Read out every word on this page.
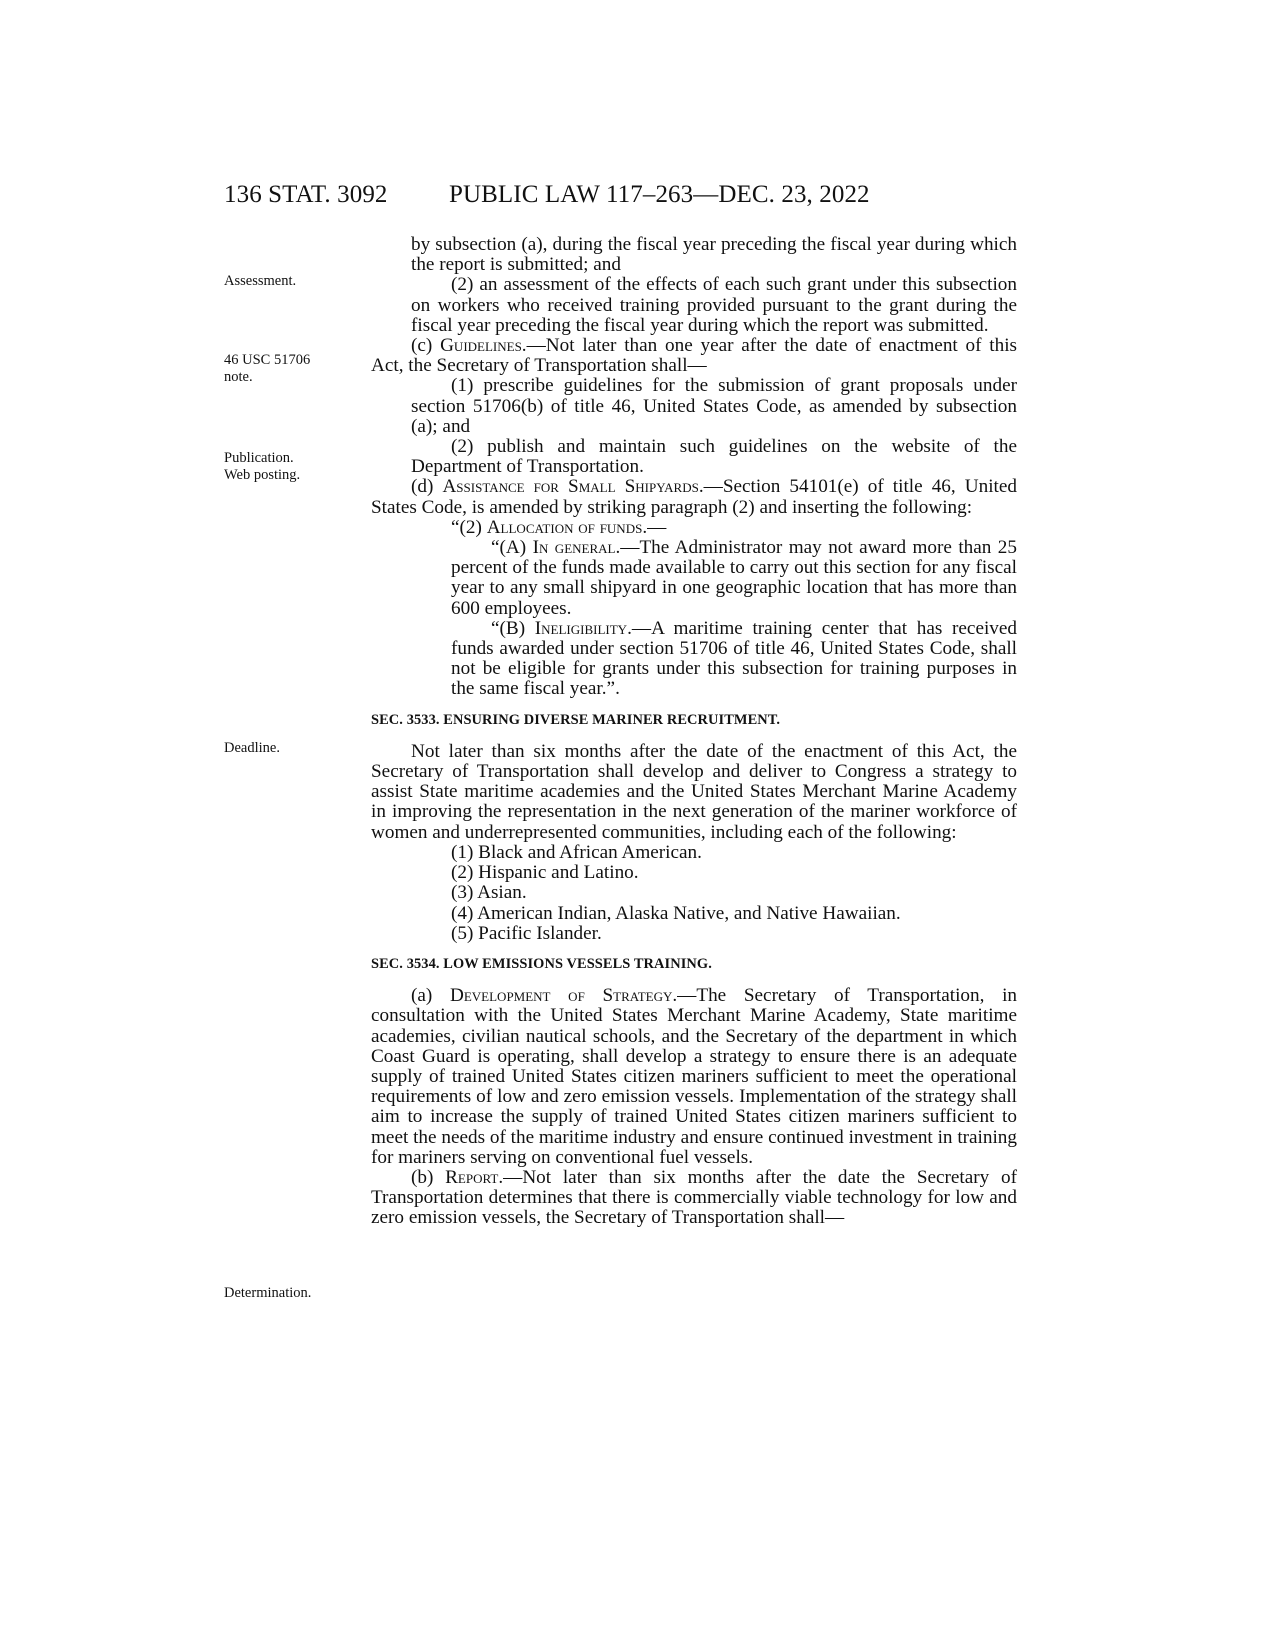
136 STAT. 3092 PUBLIC LAW 117–263—DEC. 23, 2022
Assessment.
46 USC 51706
note.
Publication.
Web posting.
Deadline.
Determination.

by subsection (a), during the fiscal year preceding the fiscal year during which the report is submitted; and

(2) an assessment of the effects of each such grant under this subsection on workers who received training provided pursuant to the grant during the fiscal year preceding the fiscal year during which the report was submitted.

(c) Guidelines.—Not later than one year after the date of enactment of this Act, the Secretary of Transportation shall—

(1) prescribe guidelines for the submission of grant proposals under section 51706(b) of title 46, United States Code, as amended by subsection (a); and

(2) publish and maintain such guidelines on the website of the Department of Transportation.

(d) Assistance for Small Shipyards.—Section 54101(e) of title 46, United States Code, is amended by striking paragraph (2) and inserting the following:

“(2) Allocation of funds.—

“(A) In general.—The Administrator may not award more than 25 percent of the funds made available to carry out this section for any fiscal year to any small shipyard in one geographic location that has more than 600 employees.

“(B) Ineligibility.—A maritime training center that has received funds awarded under section 51706 of title 46, United States Code, shall not be eligible for grants under this subsection for training purposes in the same fiscal year.”.

SEC. 3533. ENSURING DIVERSE MARINER RECRUITMENT.

Not later than six months after the date of the enactment of this Act, the Secretary of Transportation shall develop and deliver to Congress a strategy to assist State maritime academies and the United States Merchant Marine Academy in improving the representation in the next generation of the mariner workforce of women and underrepresented communities, including each of the following:

(1) Black and African American.
(2) Hispanic and Latino.
(3) Asian.
(4) American Indian, Alaska Native, and Native Hawaiian.
(5) Pacific Islander.

SEC. 3534. LOW EMISSIONS VESSELS TRAINING.

(a) Development of Strategy.—The Secretary of Transportation, in consultation with the United States Merchant Marine Academy, State maritime academies, civilian nautical schools, and the Secretary of the department in which Coast Guard is operating, shall develop a strategy to ensure there is an adequate supply of trained United States citizen mariners sufficient to meet the operational requirements of low and zero emission vessels. Implementation of the strategy shall aim to increase the supply of trained United States citizen mariners sufficient to meet the needs of the maritime industry and ensure continued investment in training for mariners serving on conventional fuel vessels.

(b) Report.—Not later than six months after the date the Secretary of Transportation determines that there is commercially viable technology for low and zero emission vessels, the Secretary of Transportation shall—
